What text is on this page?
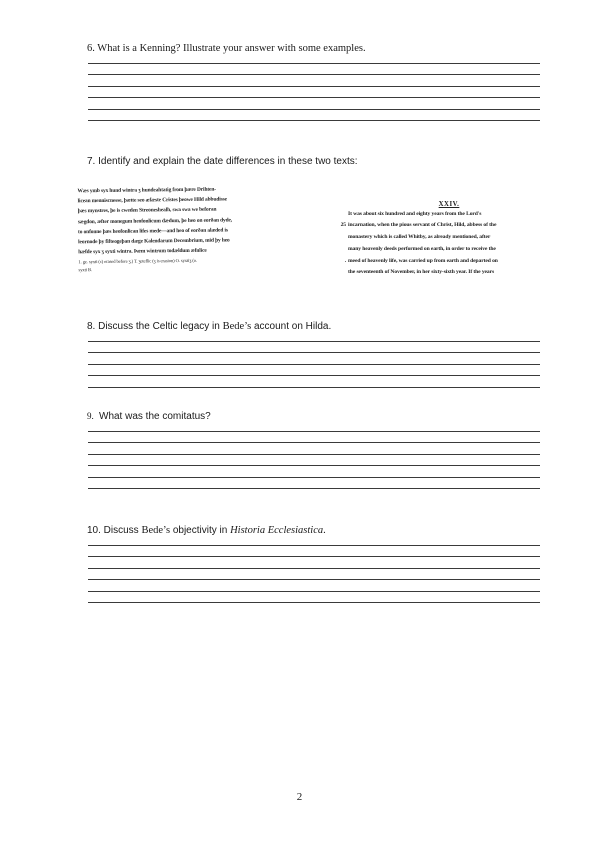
6. What is a Kenning? Illustrate your answer with some examples.
7. Identify and explain the date differences in these two texts:
Wæs ymb syx hund wintra ʒ hundeahtatig from þære Drihten-
licean menniscnesse, þætte seo æfæste Cristes þeowe Hild abbudisse
þæs mynstres, þe is cweden Streoneshealh, swa swa we beforan
sægdon, æfter monegum heofonlicum dædum, þe heo on eorðan dyde,
to onfonne þæs heofonlican lifes mede—and heo of eorðan alæded is
leornode þy fifteogeþan dæge Kalendarum Decembrium, mid þy heo
hæfde syx ʒ syxti wintra. Þæm wintrum todældum æfnlice
1. ge. syxti (c) erased before ʒ.) T. ʒeteflic (ʒ is erasion) O. syxtiʒ (o.
syxti B.
XXIV.
It was about six hundred and eighty years from the Lord's
25 incarnation, when the pious servant of Christ, Hild, abbess of the
monastery which is called Whitby, as already mentioned, after
many heavenly deeds performed on earth, in order to receive the
. meed of heavenly life, was carried up from earth and departed on
the seventeenth of November, in her sixty-sixth year. If the years
8. Discuss the Celtic legacy in Bede’s account on Hilda.
9. What was the comitatus?
10. Discuss Bede’s objectivity in Historia Ecclesiastica.
2
